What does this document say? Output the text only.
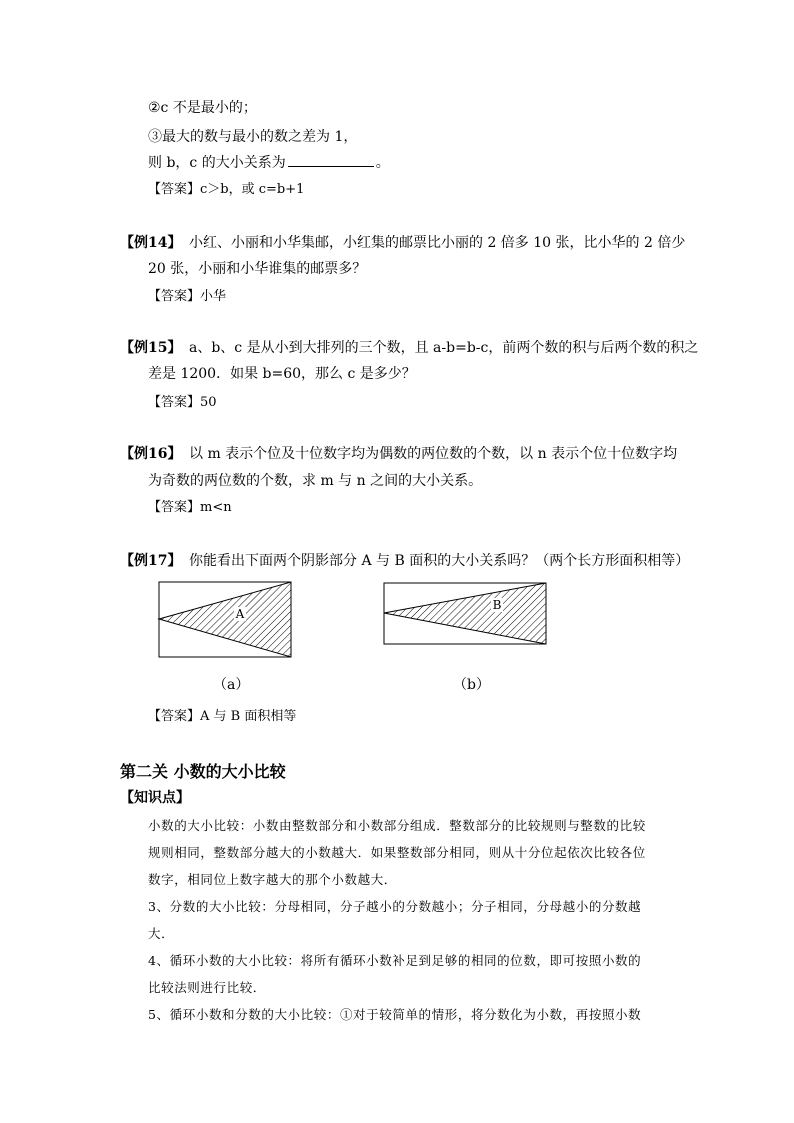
②c 不是最小的；
③最大的数与最小的数之差为 1，
则 b，c 的大小关系为	。
【答案】c＞b，或 c=b+1
【例14】 小红、小丽和小华集邮，小红集的邮票比小丽的 2 倍多 10 张，比小华的 2 倍少
20 张，小丽和小华谁集的邮票多？
【答案】小华
【例15】 a、b、c 是从小到大排列的三个数，且 a-b=b-c，前两个数的积与后两个数的积之
差是 1200．如果 b=60，那么 c 是多少？
【答案】50
【例16】 以 m 表示个位及十位数字均为偶数的两位数的个数，以 n 表示个位十位数字均
为奇数的两位数的个数，求 m 与 n 之间的大小关系。
【答案】m<n
【例17】 你能看出下面两个阴影部分 A 与 B 面积的大小关系吗？（两个长方形面积相等）
A
B
（a）	（b）
【答案】A 与 B 面积相等
第二关 小数的大小比较
【知识点】
小数的大小比较：小数由整数部分和小数部分组成．整数部分的比较规则与整数的比较
规则相同，整数部分越大的小数越大．如果整数部分相同，则从十分位起依次比较各位
数字，相同位上数字越大的那个小数越大．
3、分数的大小比较：分母相同，分子越小的分数越小；分子相同，分母越小的分数越
大．
4、循环小数的大小比较：将所有循环小数补足到足够的相同的位数，即可按照小数的
比较法则进行比较．
5、循环小数和分数的大小比较：①对于较简单的情形，将分数化为小数，再按照小数
